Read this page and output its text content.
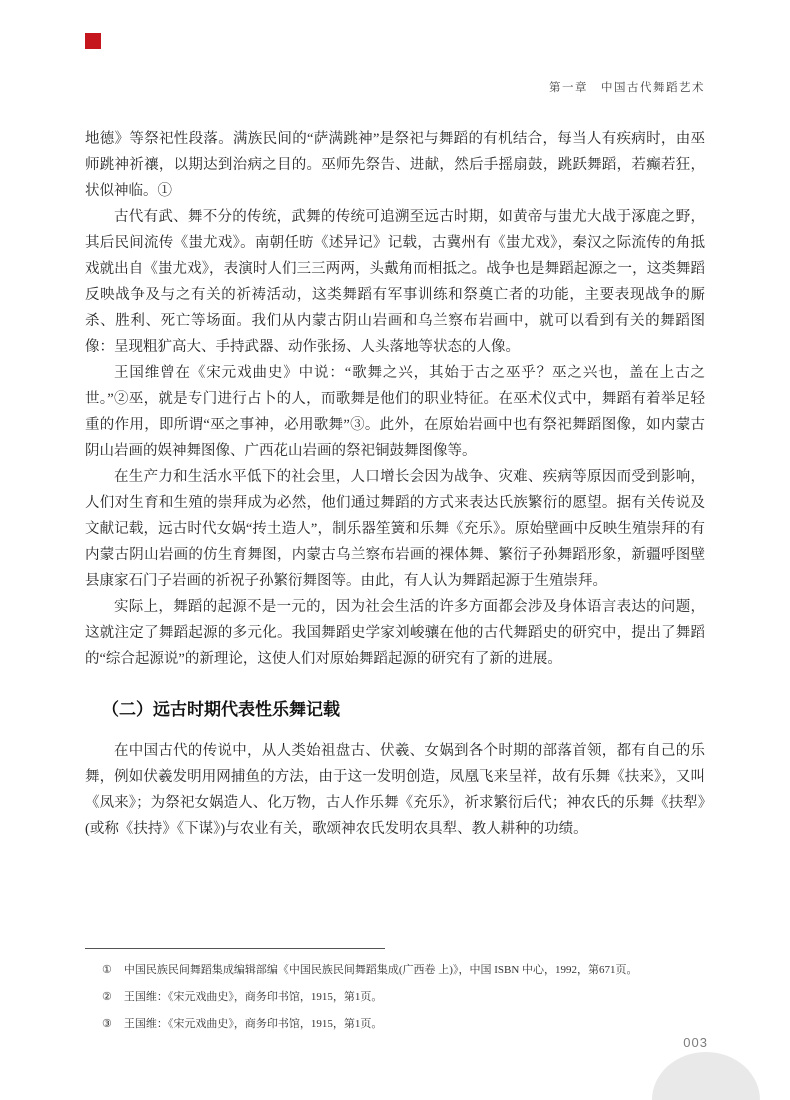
第一章　中国古代舞蹈艺术

地德》等祭祀性段落。满族民间的“萨满跳神”是祭祀与舞蹈的有机结合，每当人有疾病时，由巫师跳神祈禳，以期达到治病之目的。巫师先祭告、进献，然后手摇扇鼓，跳跃舞蹈，若癫若狂，状似神临。①

古代有武、舞不分的传统，武舞的传统可追溯至远古时期，如黄帝与蚩尤大战于涿鹿之野，其后民间流传《蚩尤戏》。南朝任昉《述异记》记载，古冀州有《蚩尤戏》，秦汉之际流传的角抵戏就出自《蚩尤戏》，表演时人们三三两两，头戴角而相抵之。战争也是舞蹈起源之一，这类舞蹈反映战争及与之有关的祈祷活动，这类舞蹈有军事训练和祭奠亡者的功能，主要表现战争的厮杀、胜利、死亡等场面。我们从内蒙古阴山岩画和乌兰察布岩画中，就可以看到有关的舞蹈图像：呈现粗犷高大、手持武器、动作张扬、人头落地等状态的人像。

王国维曾在《宋元戏曲史》中说：“歌舞之兴，其始于古之巫乎？巫之兴也，盖在上古之世。”②巫，就是专门进行占卜的人，而歌舞是他们的职业特征。在巫术仪式中，舞蹈有着举足轻重的作用，即所谓“巫之事神，必用歌舞”③。此外，在原始岩画中也有祭祀舞蹈图像，如内蒙古阴山岩画的娱神舞图像、广西花山岩画的祭祀铜鼓舞图像等。

在生产力和生活水平低下的社会里，人口增长会因为战争、灾难、疾病等原因而受到影响，人们对生育和生殖的崇拜成为必然，他们通过舞蹈的方式来表达氏族繁衍的愿望。据有关传说及文献记载，远古时代女娲“抟土造人”，制乐器笙簧和乐舞《充乐》。原始壁画中反映生殖崇拜的有内蒙古阴山岩画的仿生育舞图，内蒙古乌兰察布岩画的裸体舞、繁衍子孙舞蹈形象，新疆呼图壁县康家石门子岩画的祈祝子孙繁衍舞图等。由此，有人认为舞蹈起源于生殖崇拜。

实际上，舞蹈的起源不是一元的，因为社会生活的许多方面都会涉及身体语言表达的问题，这就注定了舞蹈起源的多元化。我国舞蹈史学家刘峻骧在他的古代舞蹈史的研究中，提出了舞蹈的“综合起源说”的新理论，这使人们对原始舞蹈起源的研究有了新的进展。

（二）远古时期代表性乐舞记载

在中国古代的传说中，从人类始祖盘古、伏羲、女娲到各个时期的部落首领，都有自己的乐舞，例如伏羲发明用网捕鱼的方法，由于这一发明创造，凤凰飞来呈祥，故有乐舞《扶来》，又叫《凤来》；为祭祀女娲造人、化万物，古人作乐舞《充乐》，祈求繁衍后代；神农氏的乐舞《扶犁》(或称《扶持》《下谋》)与农业有关，歌颂神农氏发明农具犁、教人耕种的功绩。

① 中国民族民间舞蹈集成编辑部编《中国民族民间舞蹈集成(广西卷 上)》，中国 ISBN 中心，1992，第671页。
② 王国维：《宋元戏曲史》，商务印书馆，1915，第1页。
③ 王国维：《宋元戏曲史》，商务印书馆，1915，第1页。
003
